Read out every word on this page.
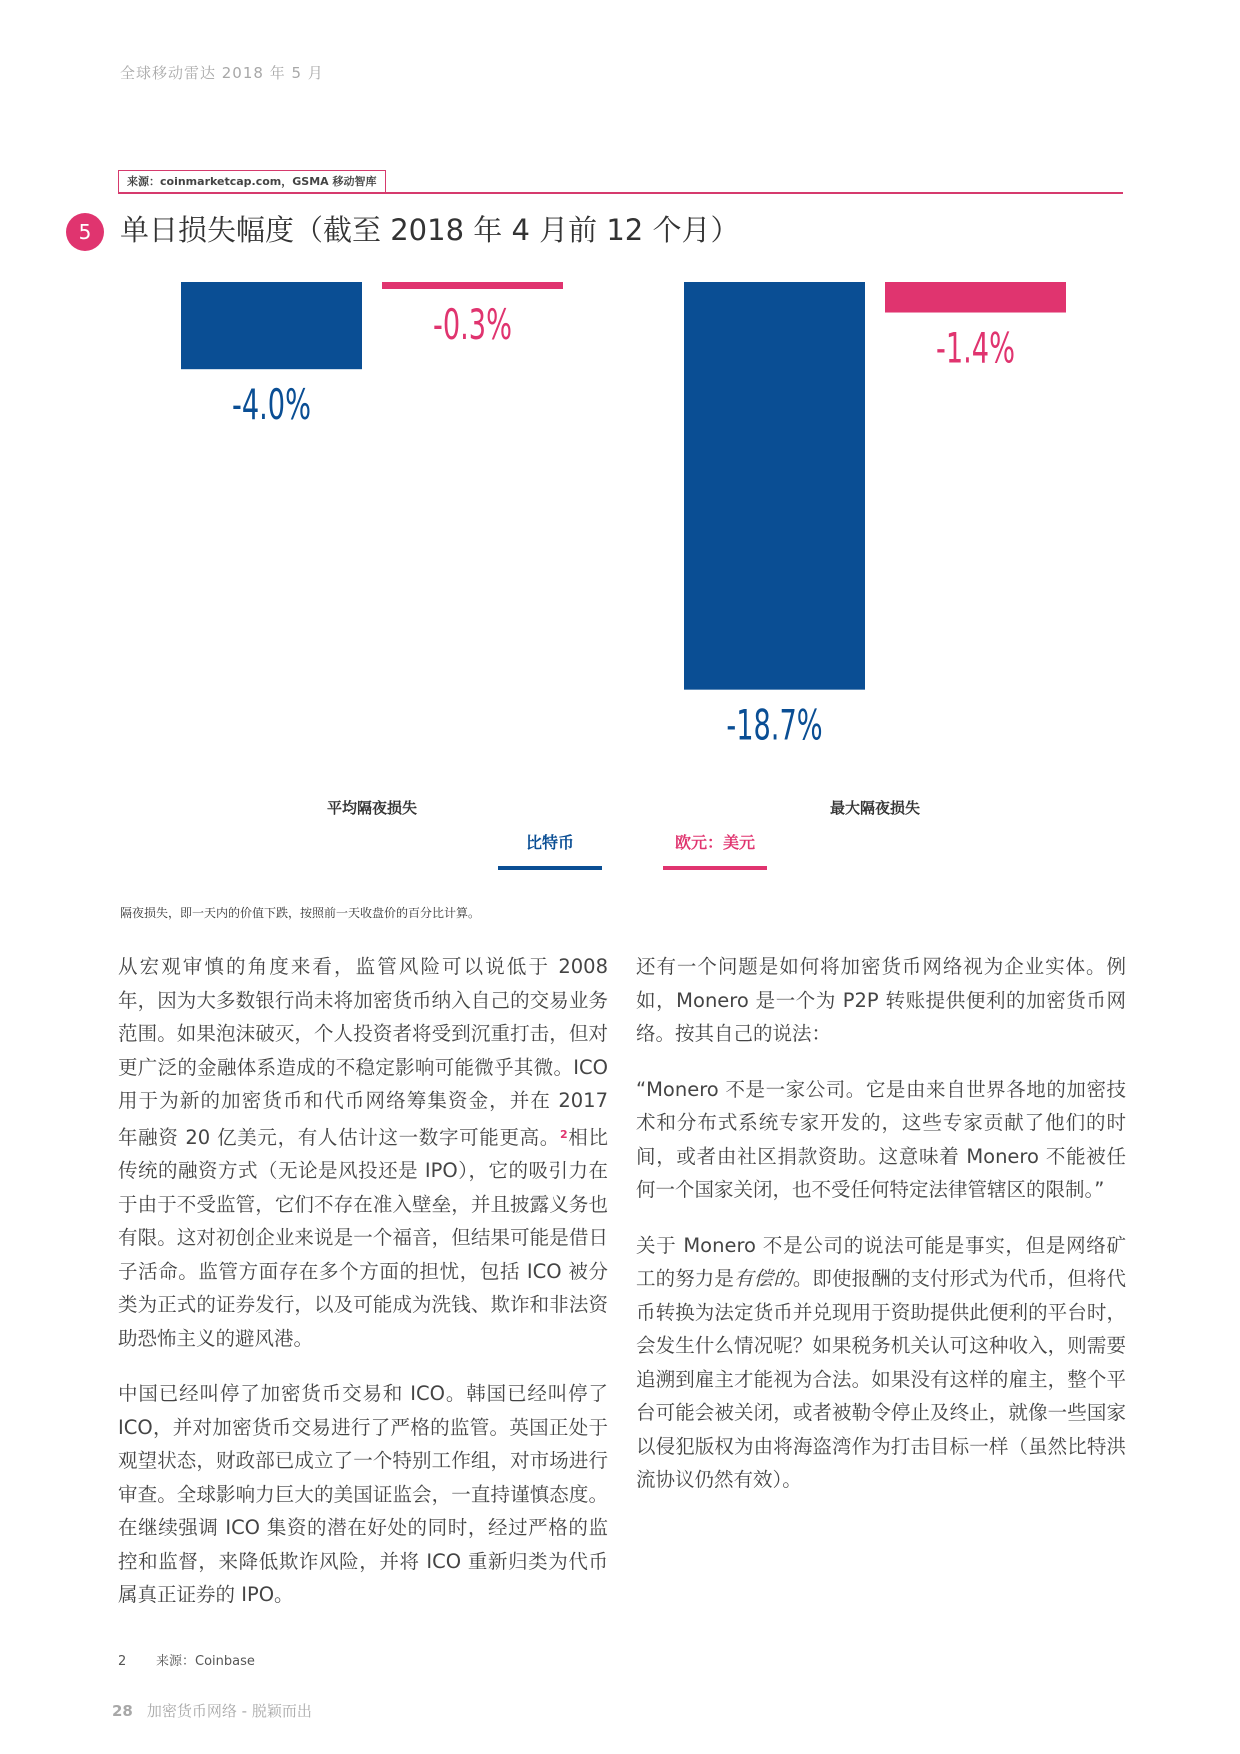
全球移动雷达 2018 年 5 月
来源：coinmarketcap.com，GSMA 移动智库
5 单日损失幅度（截至 2018 年 4 月前 12 个月）
-4.0%
-0.3%
平均隔夜损失
-18.7%
-1.4%
最大隔夜损失
比特币	欧元：美元
隔夜损失，即一天内的价值下跌，按照前一天收盘价的百分比计算。

从宏观审慎的角度来看，监管风险可以说低于 2008 年，因为大多数银行尚未将加密货币纳入自己的交易业务范围。如果泡沫破灭，个人投资者将受到沉重打击，但对更广泛的金融体系造成的不稳定影响可能微乎其微。ICO 用于为新的加密货币和代币网络筹集资金，并在 2017 年融资 20 亿美元，有人估计这一数字可能更高。$^2$相比传统的融资方式（无论是风投还是 IPO），它的吸引力在于由于不受监管，它们不存在准入壁垒，并且披露义务也有限。这对初创企业来说是一个福音，但结果可能是借日子活命。监管方面存在多个方面的担忧，包括 ICO 被分类为正式的证券发行，以及可能成为洗钱、欺诈和非法资助恐怖主义的避风港。

中国已经叫停了加密货币交易和 ICO。韩国已经叫停了 ICO，并对加密货币交易进行了严格的监管。英国正处于观望状态，财政部已成立了一个特别工作组，对市场进行审查。全球影响力巨大的美国证监会，一直持谨慎态度。在继续强调 ICO 集资的潜在好处的同时，经过严格的监控和监督，来降低欺诈风险，并将 ICO 重新归类为代币属真正证券的 IPO。

还有一个问题是如何将加密货币网络视为企业实体。例如，Monero 是一个为 P2P 转账提供便利的加密货币网络。按其自己的说法：

“Monero 不是一家公司。它是由来自世界各地的加密技术和分布式系统专家开发的，这些专家贡献了他们的时间，或者由社区捐款资助。这意味着 Monero 不能被任何一个国家关闭，也不受任何特定法律管辖区的限制。”

关于 Monero 不是公司的说法可能是事实，但是网络矿工的努力是有偿的。即使报酬的支付形式为代币，但将代币转换为法定货币并兑现用于资助提供此便利的平台时，会发生什么情况呢？如果税务机关认可这种收入，则需要追溯到雇主才能视为合法。如果没有这样的雇主，整个平台可能会被关闭，或者被勒令停止及终止，就像一些国家以侵犯版权为由将海盗湾作为打击目标一样（虽然比特洪流协议仍然有效）。

2 来源：Coinbase
28 加密货币网络 - 脱颖而出
